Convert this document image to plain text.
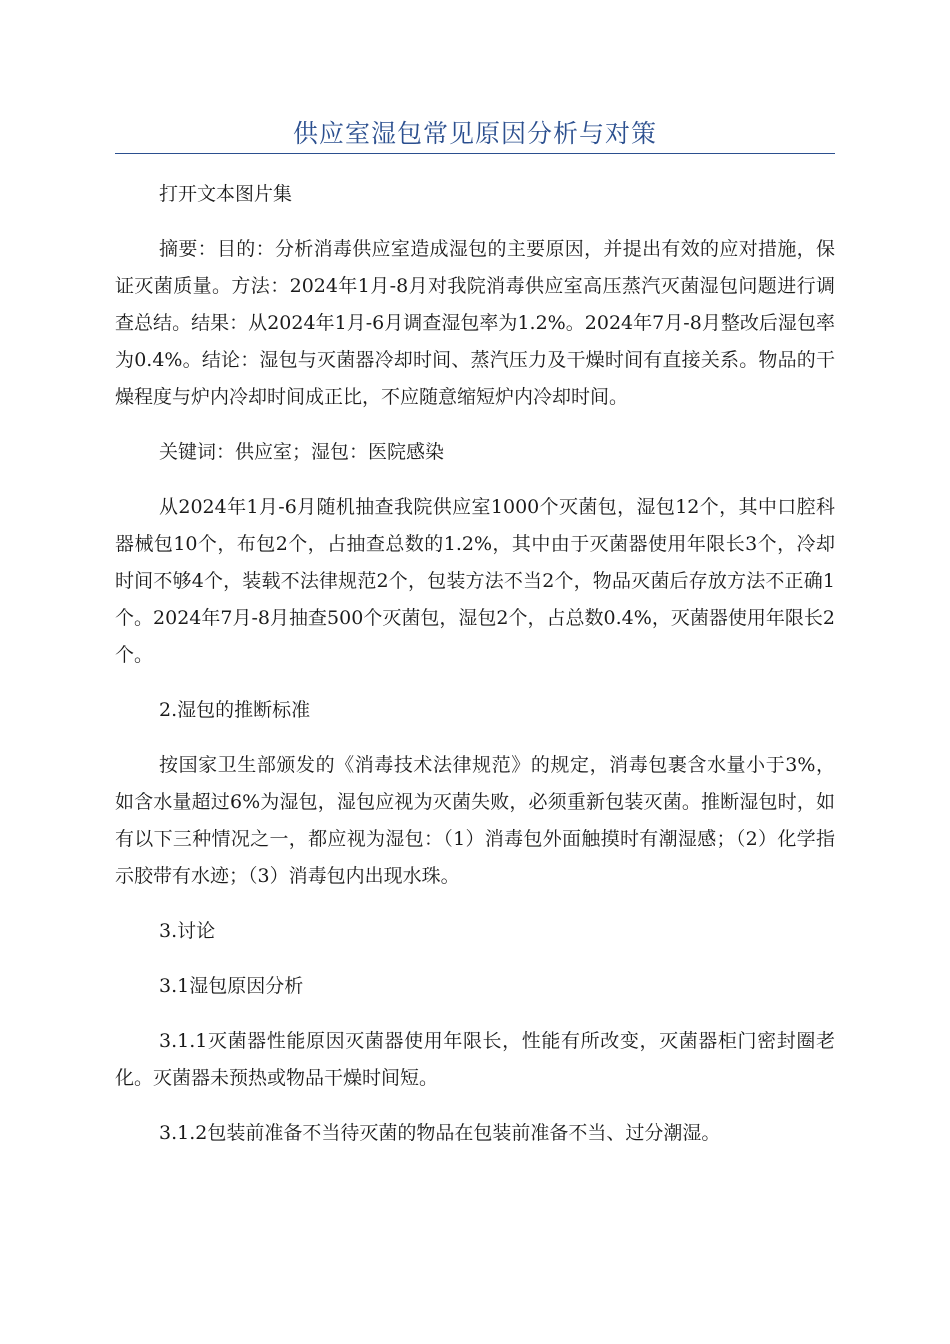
供应室湿包常见原因分析与对策

打开文本图片集

摘要：目的：分析消毒供应室造成湿包的主要原因，并提出有效的应对措施，保证灭菌质量。方法：2024年1月-8月对我院消毒供应室高压蒸汽灭菌湿包问题进行调查总结。结果：从2024年1月-6月调查湿包率为1.2%。2024年7月-8月整改后湿包率为0.4%。结论：湿包与灭菌器冷却时间、蒸汽压力及干燥时间有直接关系。物品的干燥程度与炉内冷却时间成正比，不应随意缩短炉内冷却时间。

关键词：供应室；湿包：医院感染

从2024年1月-6月随机抽查我院供应室1000个灭菌包，湿包12个，其中口腔科器械包10个，布包2个，占抽查总数的1.2%，其中由于灭菌器使用年限长3个，冷却时间不够4个，装载不法律规范2个，包装方法不当2个，物品灭菌后存放方法不正确1个。2024年7月-8月抽查500个灭菌包，湿包2个，占总数0.4%，灭菌器使用年限长2个。

2.湿包的推断标准

按国家卫生部颁发的《消毒技术法律规范》的规定，消毒包裹含水量小于3%，如含水量超过6%为湿包，湿包应视为灭菌失败，必须重新包装灭菌。推断湿包时，如有以下三种情况之一，都应视为湿包：（1）消毒包外面触摸时有潮湿感；（2）化学指示胶带有水迹；（3）消毒包内出现水珠。

3.讨论

3.1湿包原因分析

3.1.1灭菌器性能原因灭菌器使用年限长，性能有所改变，灭菌器柜门密封圈老化。灭菌器未预热或物品干燥时间短。

3.1.2包装前准备不当待灭菌的物品在包装前准备不当、过分潮湿。
